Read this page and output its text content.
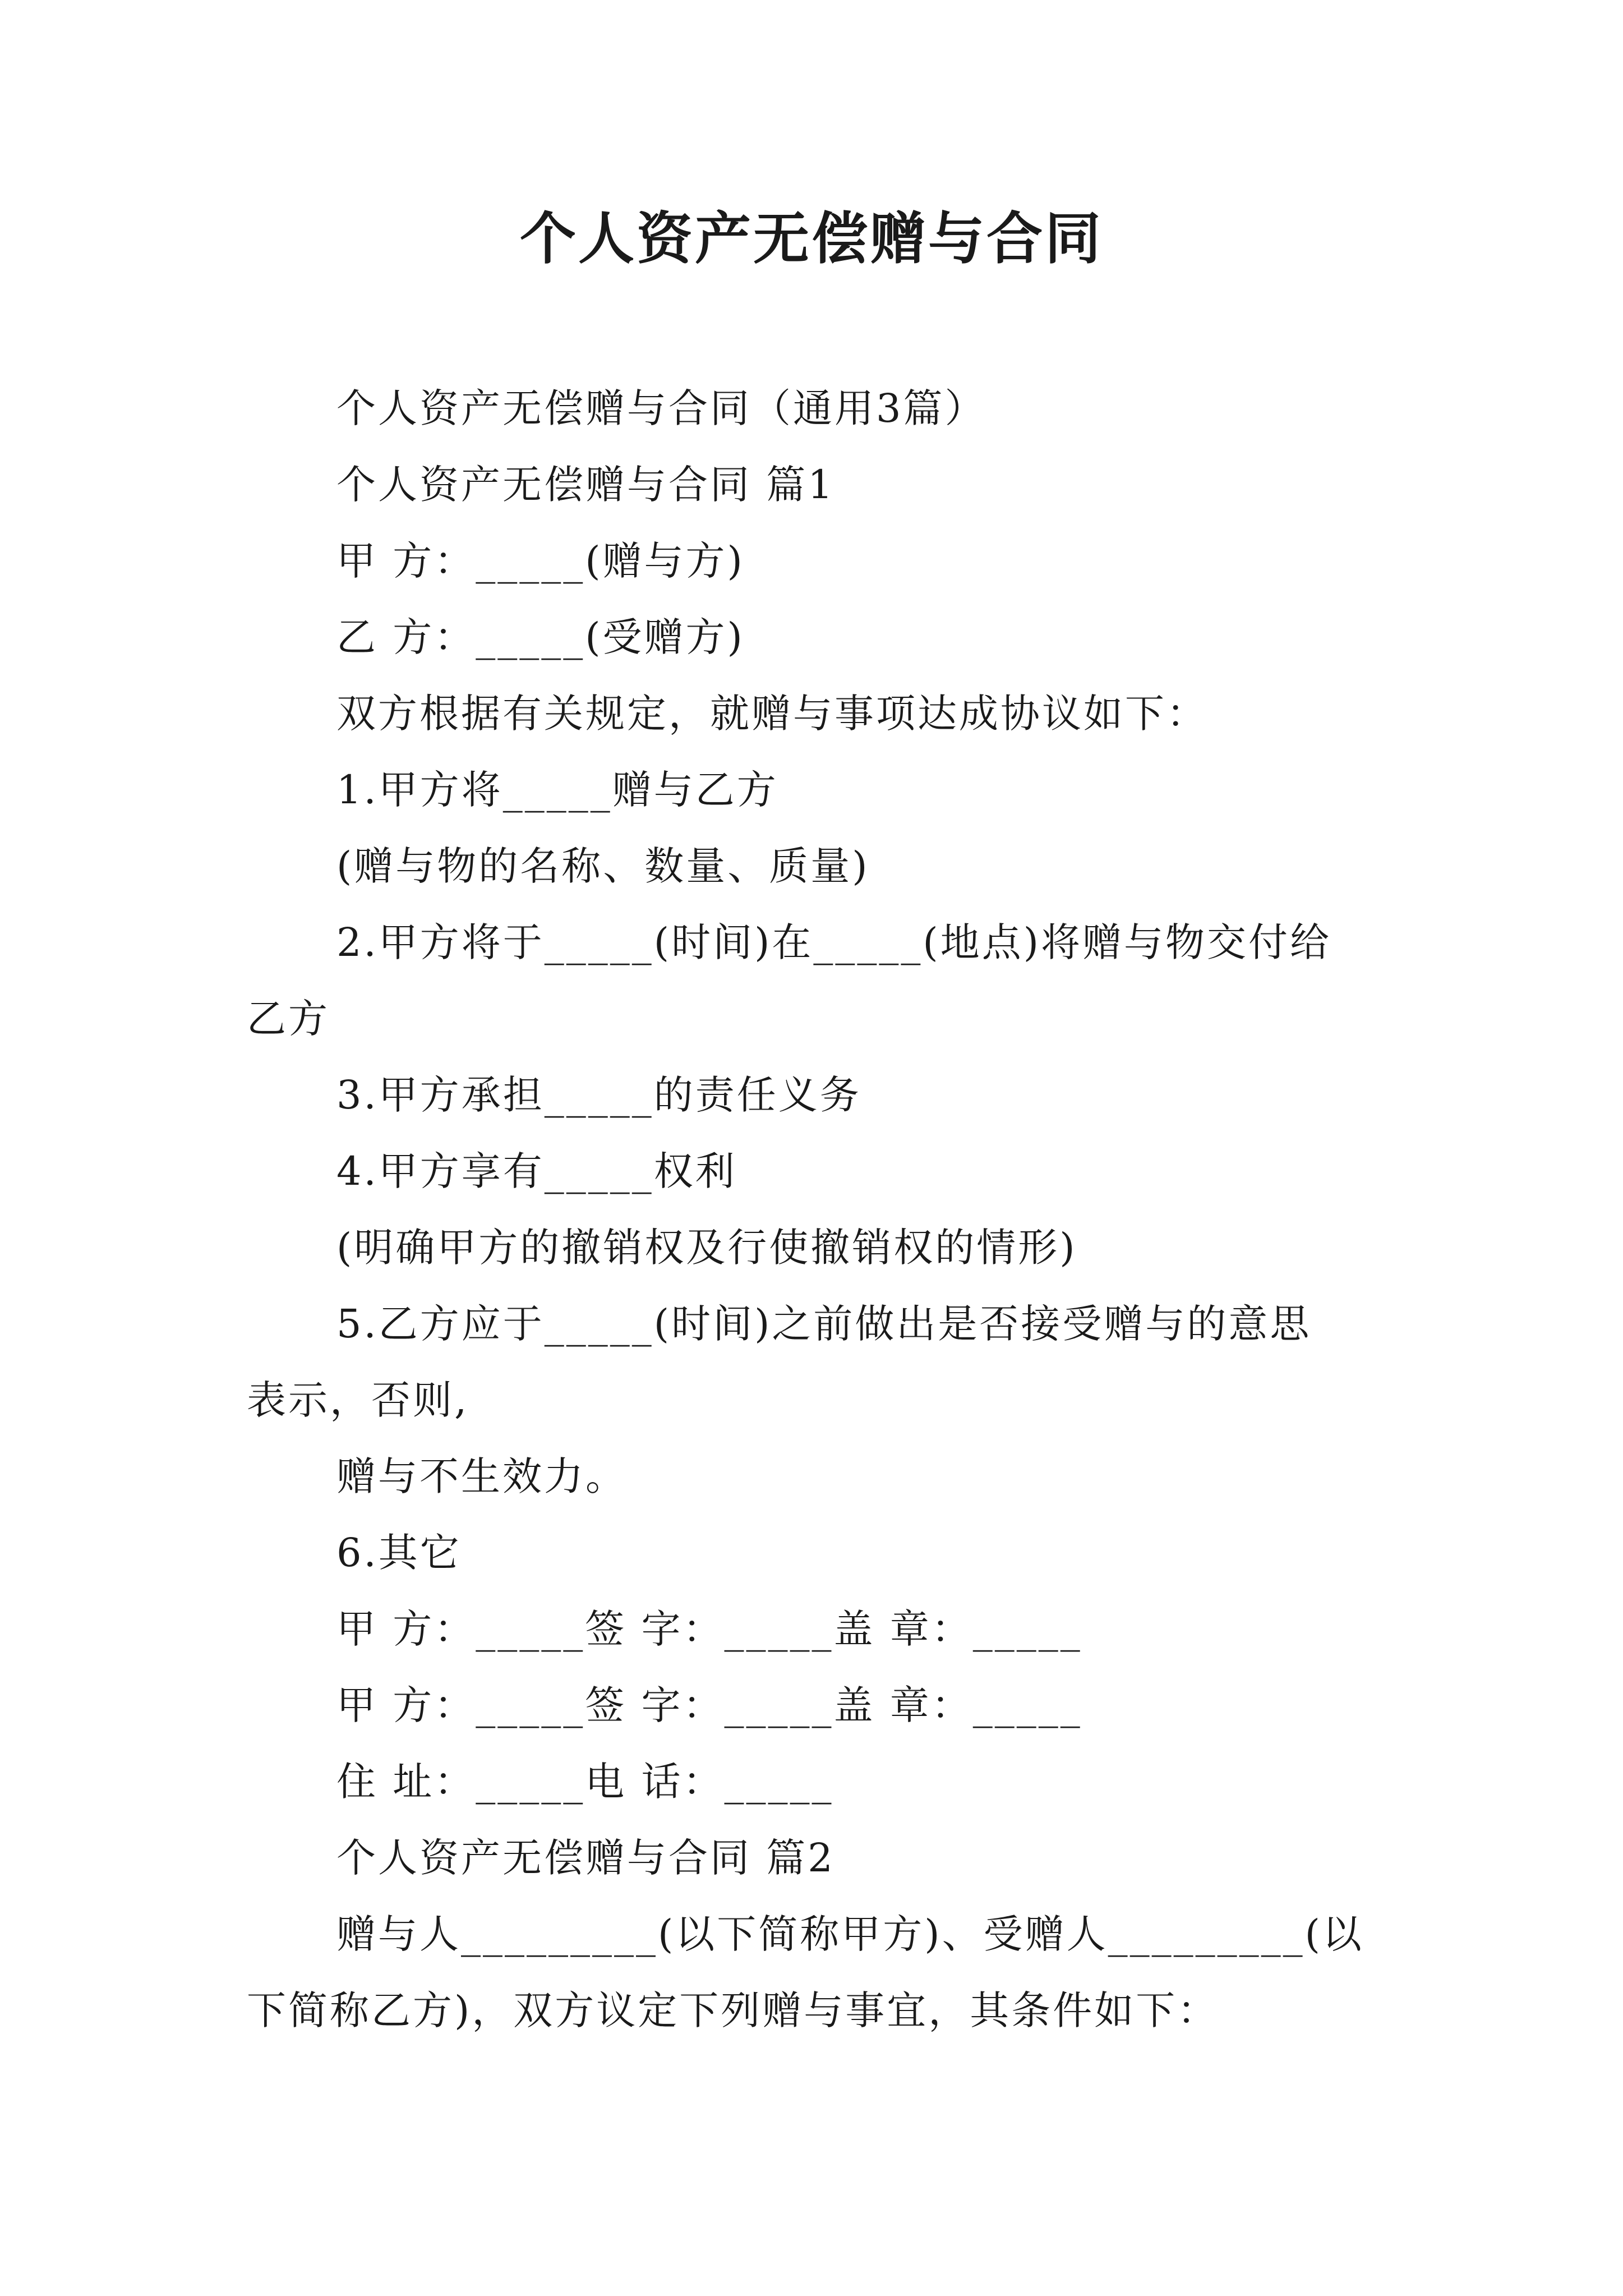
个人资产无偿赠与合同

个人资产无偿赠与合同（通用3篇）

个人资产无偿赠与合同 篇1

甲 方：_____(赠与方)

乙 方：_____(受赠方)

双方根据有关规定，就赠与事项达成协议如下：

1.甲方将_____赠与乙方

(赠与物的名称、数量、质量)

2.甲方将于_____(时间)在_____(地点)将赠与物交付给

乙方

3.甲方承担_____的责任义务

4.甲方享有_____权利

(明确甲方的撤销权及行使撤销权的情形)

5.乙方应于_____(时间)之前做出是否接受赠与的意思

表示，否则,

赠与不生效力。

6.其它

甲 方：_____签 字：_____盖 章：_____

甲 方：_____签 字：_____盖 章：_____

住 址：_____电 话：_____

个人资产无偿赠与合同 篇2

赠与人_________(以下简称甲方)、受赠人_________(以

下简称乙方)，双方议定下列赠与事宜，其条件如下：
